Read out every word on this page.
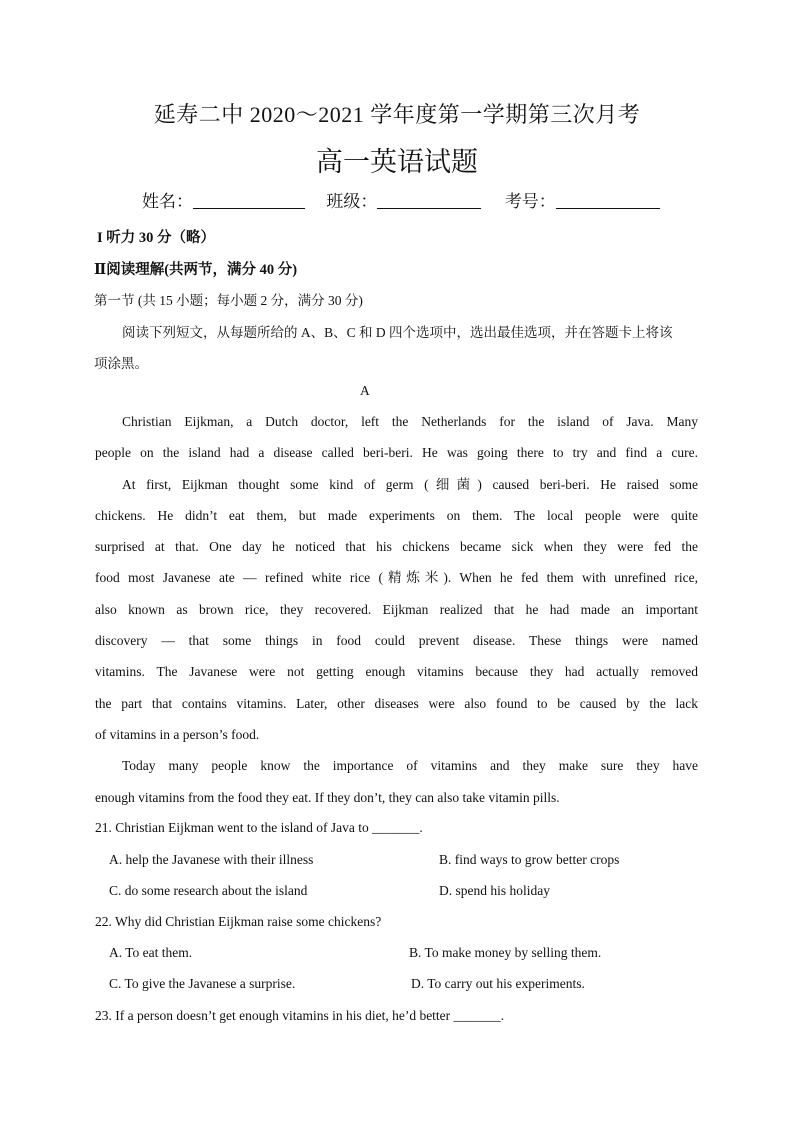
延寿二中 2020～2021 学年度第一学期第三次月考
高一英语试题
姓名：	班级：	考号：
I 听力 30 分（略）
Ⅱ阅读理解(共两节，满分 40 分)
第一节 (共 15 小题；每小题 2 分，满分 30 分)
阅读下列短文，从每题所给的 A、B、C 和 D 四个选项中，选出最佳选项，并在答题卡上将该
项涂黑。
A
Christian Eijkman, a Dutch doctor, left the Netherlands for the island of Java. Many
people on the island had a disease called beri-beri. He was going there to try and find a cure.
At first, Eijkman thought some kind of germ (细菌) caused beri-beri. He raised some
chickens. He didn’t eat them, but made experiments on them. The local people were quite
surprised at that. One day he noticed that his chickens became sick when they were fed the
food most Javanese ate — refined white rice (精炼米). When he fed them with unrefined rice,
also known as brown rice, they recovered. Eijkman realized that he had made an important
discovery — that some things in food could prevent disease. These things were named
vitamins. The Javanese were not getting enough vitamins because they had actually removed
the part that contains vitamins. Later, other diseases were also found to be caused by the lack
of vitamins in a person’s food.
Today many people know the importance of vitamins and they make sure they have
enough vitamins from the food they eat. If they don’t, they can also take vitamin pills.
21. Christian Eijkman went to the island of Java to _______.
A. help the Javanese with their illness	B. find ways to grow better crops
C. do some research about the island	D. spend his holiday
22. Why did Christian Eijkman raise some chickens?
A. To eat them.	B. To make money by selling them.
C. To give the Javanese a surprise.	D. To carry out his experiments.
23. If a person doesn’t get enough vitamins in his diet, he’d better _______.
